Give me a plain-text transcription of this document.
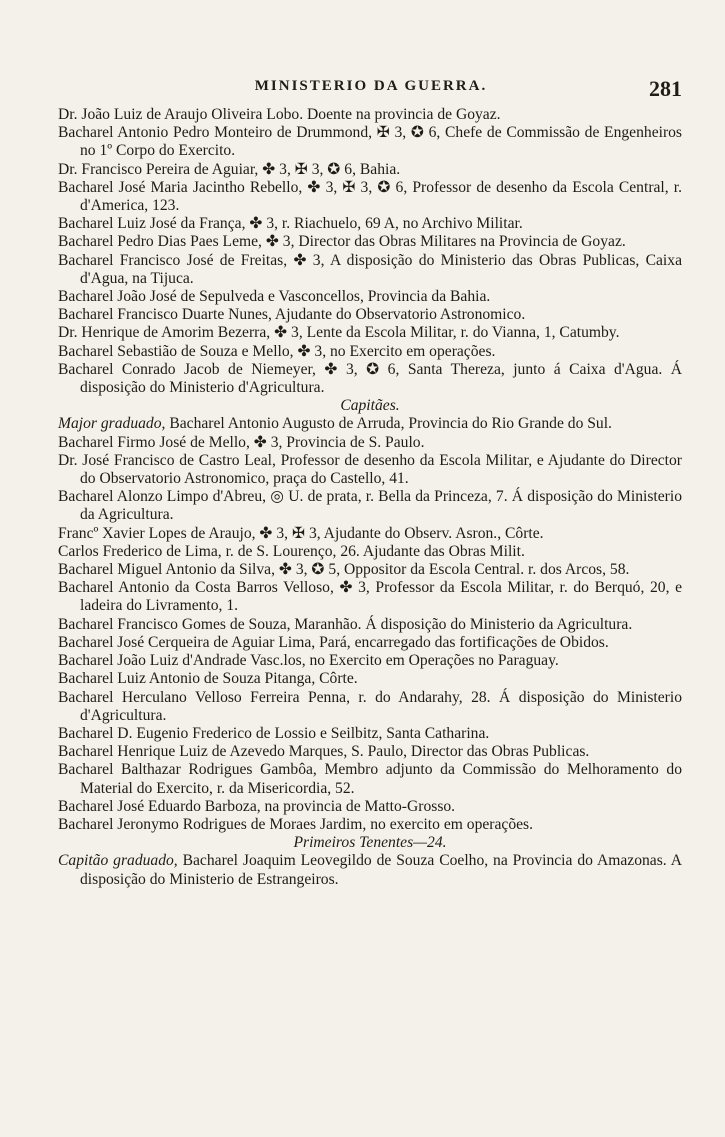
MINISTERIO DA GUERRA.	281

Dr. João Luiz de Araujo Oliveira Lobo. Doente na provincia de Goyaz.

Bacharel Antonio Pedro Monteiro de Drummond, ✠ 3, ✪ 6, Chefe de Commissão de Engenheiros no 1º Corpo do Exercito.

Dr. Francisco Pereira de Aguiar, ✤ 3, ✠ 3, ✪ 6, Bahia.

Bacharel José Maria Jacintho Rebello, ✤ 3, ✠ 3, ✪ 6, Professor de desenho da Escola Central, r. d'America, 123.

Bacharel Luiz José da França, ✤ 3, r. Riachuelo, 69 A, no Archivo Militar.

Bacharel Pedro Dias Paes Leme, ✤ 3, Director das Obras Militares na Provincia de Goyaz.

Bacharel Francisco José de Freitas, ✤ 3, A disposição do Ministerio das Obras Publicas, Caixa d'Agua, na Tijuca.

Bacharel João José de Sepulveda e Vasconcellos, Provincia da Bahia.

Bacharel Francisco Duarte Nunes, Ajudante do Observatorio Astronomico.

Dr. Henrique de Amorim Bezerra, ✤ 3, Lente da Escola Militar, r. do Vianna, 1, Catumby.

Bacharel Sebastião de Souza e Mello, ✤ 3, no Exercito em operações.

Bacharel Conrado Jacob de Niemeyer, ✤ 3, ✪ 6, Santa Thereza, junto á Caixa d'Agua. Á disposição do Ministerio d'Agricultura.

Capitães.

Major graduado, Bacharel Antonio Augusto de Arruda, Provincia do Rio Grande do Sul.

Bacharel Firmo José de Mello, ✤ 3, Provincia de S. Paulo.

Dr. José Francisco de Castro Leal, Professor de desenho da Escola Militar, e Ajudante do Director do Observatorio Astronomico, praça do Castello, 41.

Bacharel Alonzo Limpo d'Abreu, ◎ U. de prata, r. Bella da Princeza, 7. Á disposição do Ministerio da Agricultura.

Francº Xavier Lopes de Araujo, ✤ 3, ✠ 3, Ajudante do Observ. Asron., Côrte.

Carlos Frederico de Lima, r. de S. Lourenço, 26. Ajudante das Obras Milit.

Bacharel Miguel Antonio da Silva, ✤ 3, ✪ 5, Oppositor da Escola Central. r. dos Arcos, 58.

Bacharel Antonio da Costa Barros Velloso, ✤ 3, Professor da Escola Militar, r. do Berquó, 20, e ladeira do Livramento, 1.

Bacharel Francisco Gomes de Souza, Maranhão. Á disposição do Ministerio da Agricultura.

Bacharel José Cerqueira de Aguiar Lima, Pará, encarregado das fortificações de Obidos.

Bacharel João Luiz d'Andrade Vasc.los, no Exercito em Operações no Paraguay.

Bacharel Luiz Antonio de Souza Pitanga, Côrte.

Bacharel Herculano Velloso Ferreira Penna, r. do Andarahy, 28. Á disposição do Ministerio d'Agricultura.

Bacharel D. Eugenio Frederico de Lossio e Seilbitz, Santa Catharina.

Bacharel Henrique Luiz de Azevedo Marques, S. Paulo, Director das Obras Publicas.

Bacharel Balthazar Rodrigues Gambôa, Membro adjunto da Commissão do Melhoramento do Material do Exercito, r. da Misericordia, 52.

Bacharel José Eduardo Barboza, na provincia de Matto-Grosso.

Bacharel Jeronymo Rodrigues de Moraes Jardim, no exercito em operações.

Primeiros Tenentes—24.

Capitão graduado, Bacharel Joaquim Leovegildo de Souza Coelho, na Provincia do Amazonas. A disposição do Ministerio de Estrangeiros.
